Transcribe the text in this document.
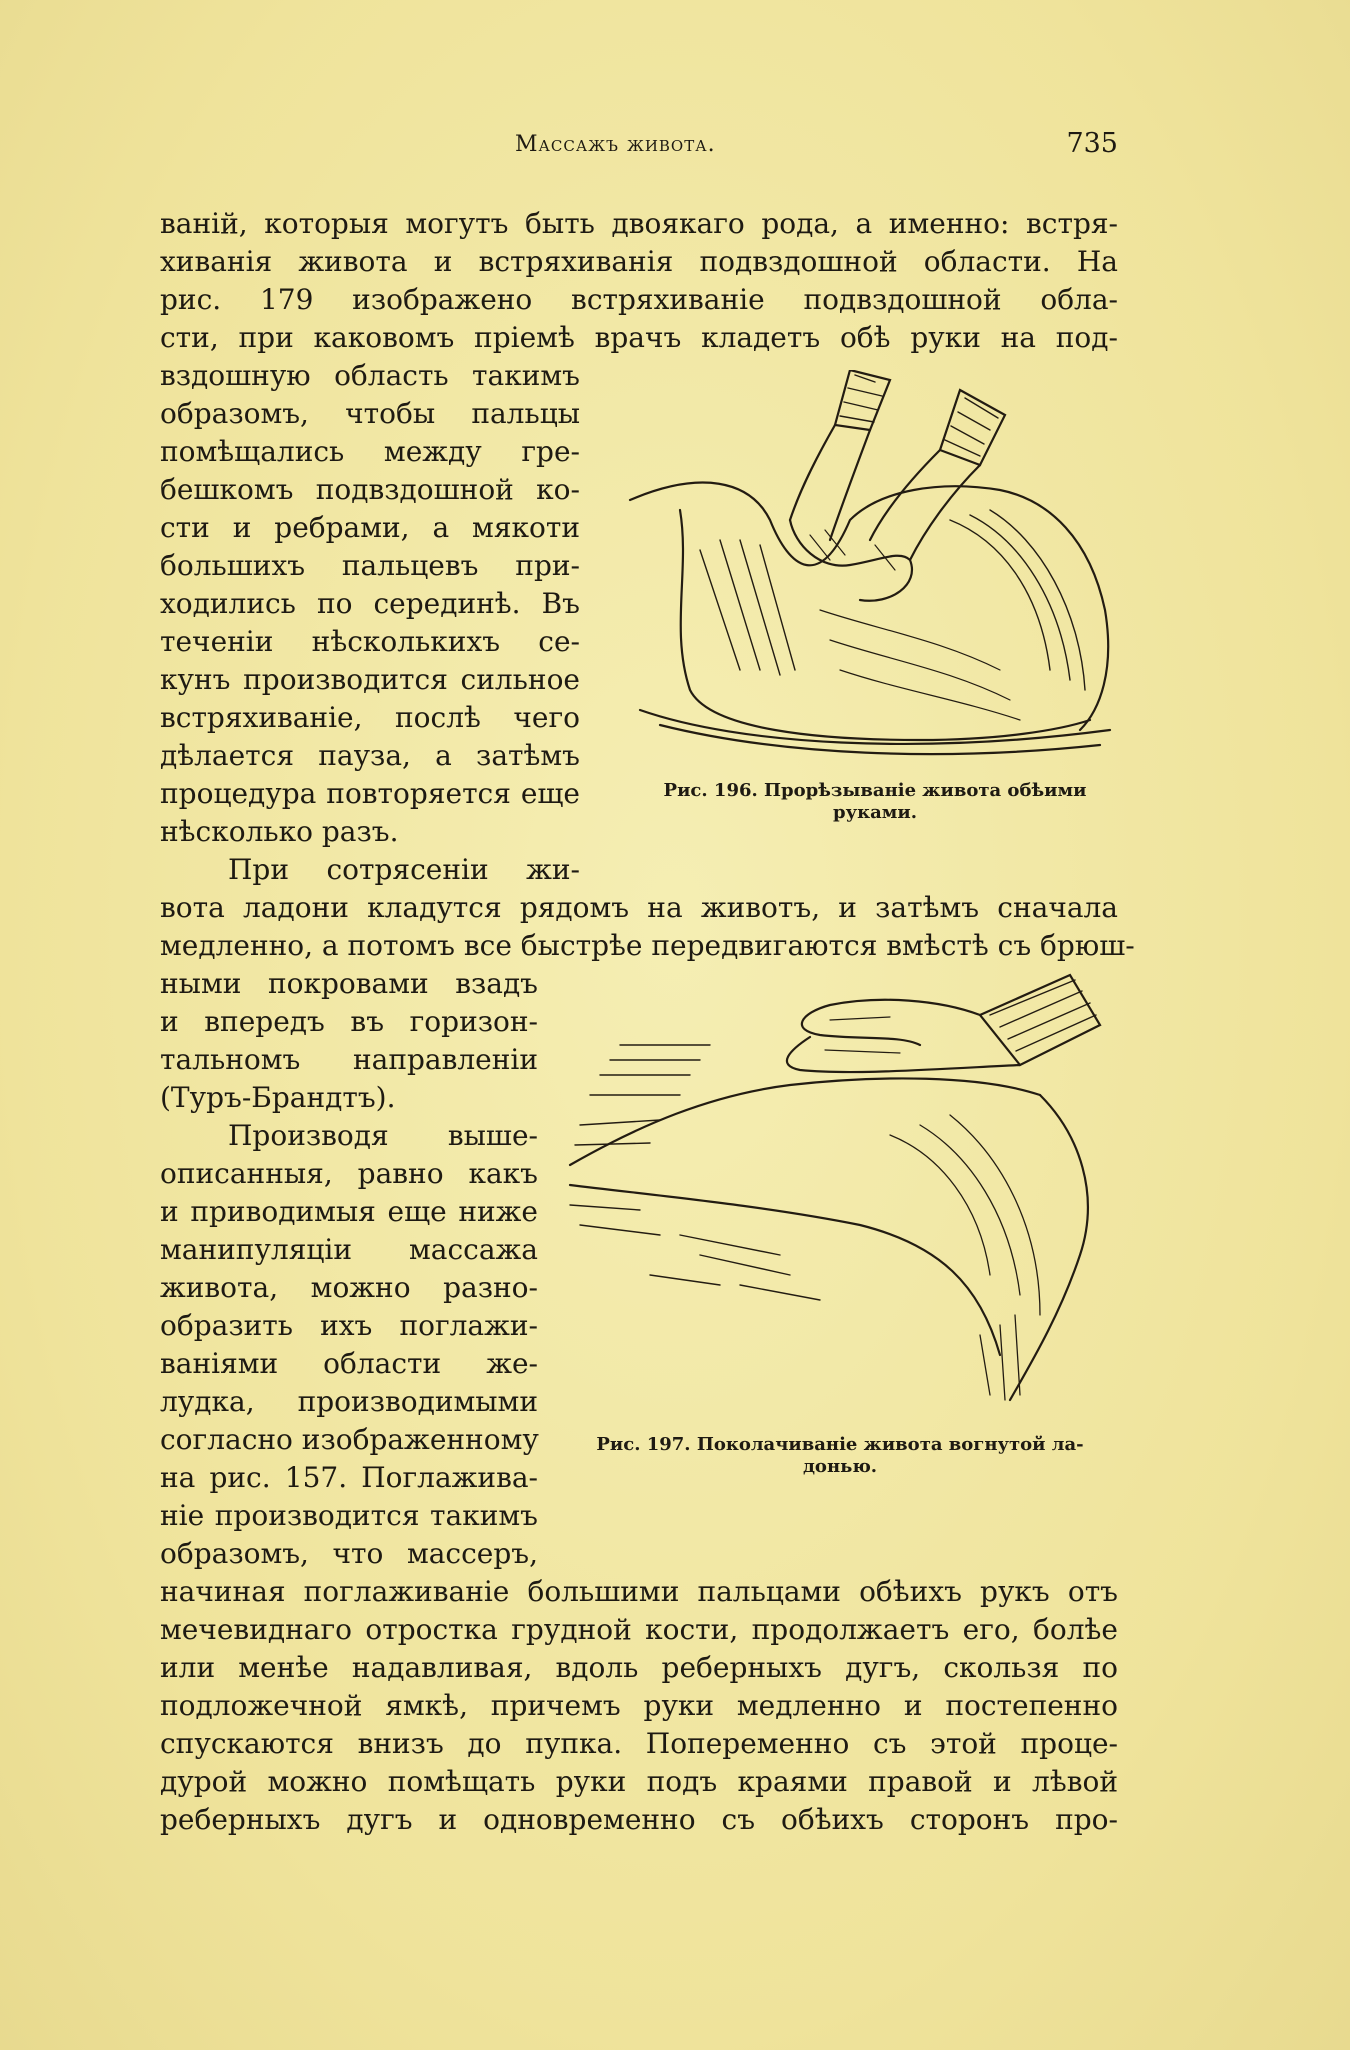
Массажъ живота.	735
ваній, которыя могутъ быть двоякаго рода, а именно: встря-
хиванія живота и встряхиванія подвздошной области. На
рис. 179 изображено встряхиваніе подвздошной обла-
сти, при каковомъ пріемѣ врачъ кладетъ обѣ руки на под-
вздошную область такимъ
образомъ, чтобы пальцы
помѣщались между гре-
бешкомъ подвздошной ко-
сти и ребрами, а мякоти
большихъ пальцевъ при-
ходились по серединѣ. Въ
теченіи нѣсколькихъ се-
кунъ производится сильное
встряхиваніе, послѣ чего
дѣлается пауза, а затѣмъ
процедура повторяется еще
нѣсколько разъ.
При сотрясеніи жи-
вота ладони кладутся рядомъ на животъ, и затѣмъ сначала
медленно, а потомъ все быстрѣе передвигаются вмѣстѣ съ брюш-
ными покровами взадъ
и впередъ въ горизон-
тальномъ направленіи
(Туръ-Брандтъ).
Производя выше-
описанныя, равно какъ
и приводимыя еще ниже
манипуляціи массажа
живота, можно разно-
образить ихъ поглажи-
ваніями области же-
лудка, производимыми
согласно изображенному
на рис. 157. Поглажива-
ніе производится такимъ
образомъ, что массеръ,
начиная поглаживаніе большими пальцами обѣихъ рукъ отъ
мечевиднаго отростка грудной кости, продолжаетъ его, болѣе
или менѣе надавливая, вдоль реберныхъ дугъ, скользя по
подложечной ямкѣ, причемъ руки медленно и постепенно
спускаются внизъ до пупка. Попеременно съ этой проце-
дурой можно помѣщать руки подъ краями правой и лѣвой
реберныхъ дугъ и одновременно съ обѣихъ сторонъ про-
Рис. 196. Прорѣзываніе живота обѣими
руками.
Рис. 197. Поколачиваніе живота вогнутой ла-
донью.
